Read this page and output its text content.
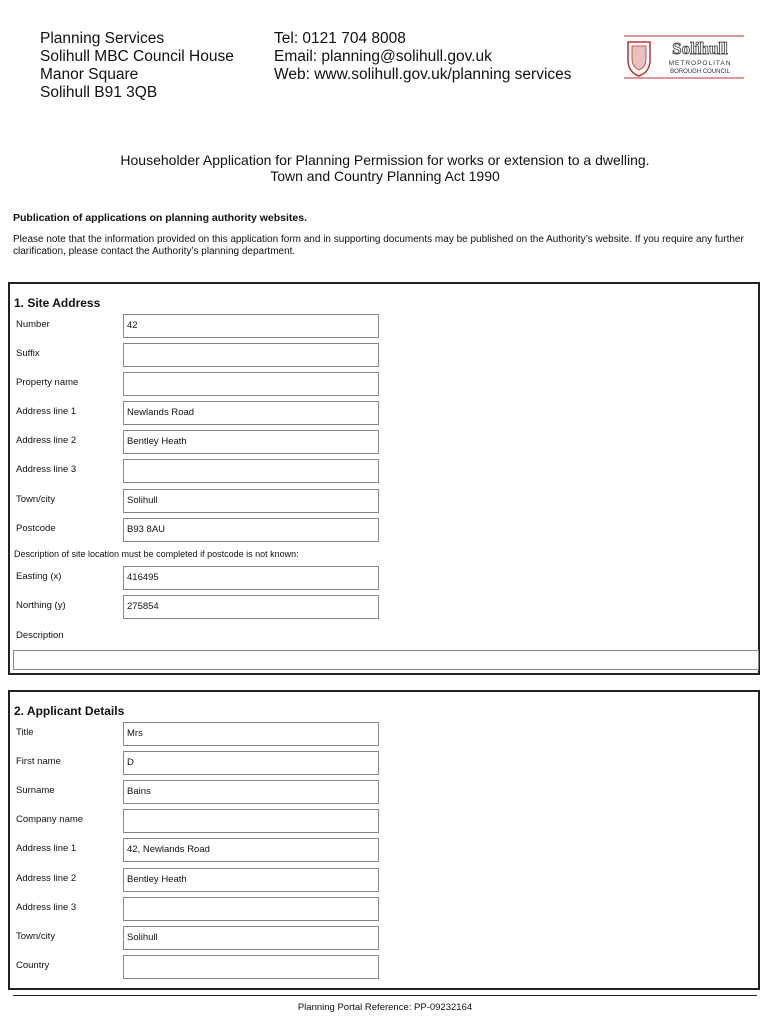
Planning Services
Solihull MBC Council House
Manor Square
Solihull B91 3QB
Tel: 0121 704 8008
Email: planning@solihull.gov.uk
Web: www.solihull.gov.uk/planning services
Solihull
METROPOLITAN
BOROUGH COUNCIL
Householder Application for Planning Permission for works or extension to a dwelling.
Town and Country Planning Act 1990
Publication of applications on planning authority websites.
Please note that the information provided on this application form and in supporting documents may be published on the Authority’s website. If you require any further clarification, please contact the Authority’s planning department.
1. Site Address
Number	42
Suffix
Property name
Address line 1	Newlands Road
Address line 2	Bentley Heath
Address line 3
Town/city	Solihull
Postcode	B93 8AU
Description of site location must be completed if postcode is not known:
Easting (x)	416495
Northing (y)	275854
Description
2. Applicant Details
Title	Mrs
First name	D
Surname	Bains
Company name
Address line 1	42, Newlands Road
Address line 2	Bentley Heath
Address line 3
Town/city	Solihull
Country
Planning Portal Reference: PP-09232164
